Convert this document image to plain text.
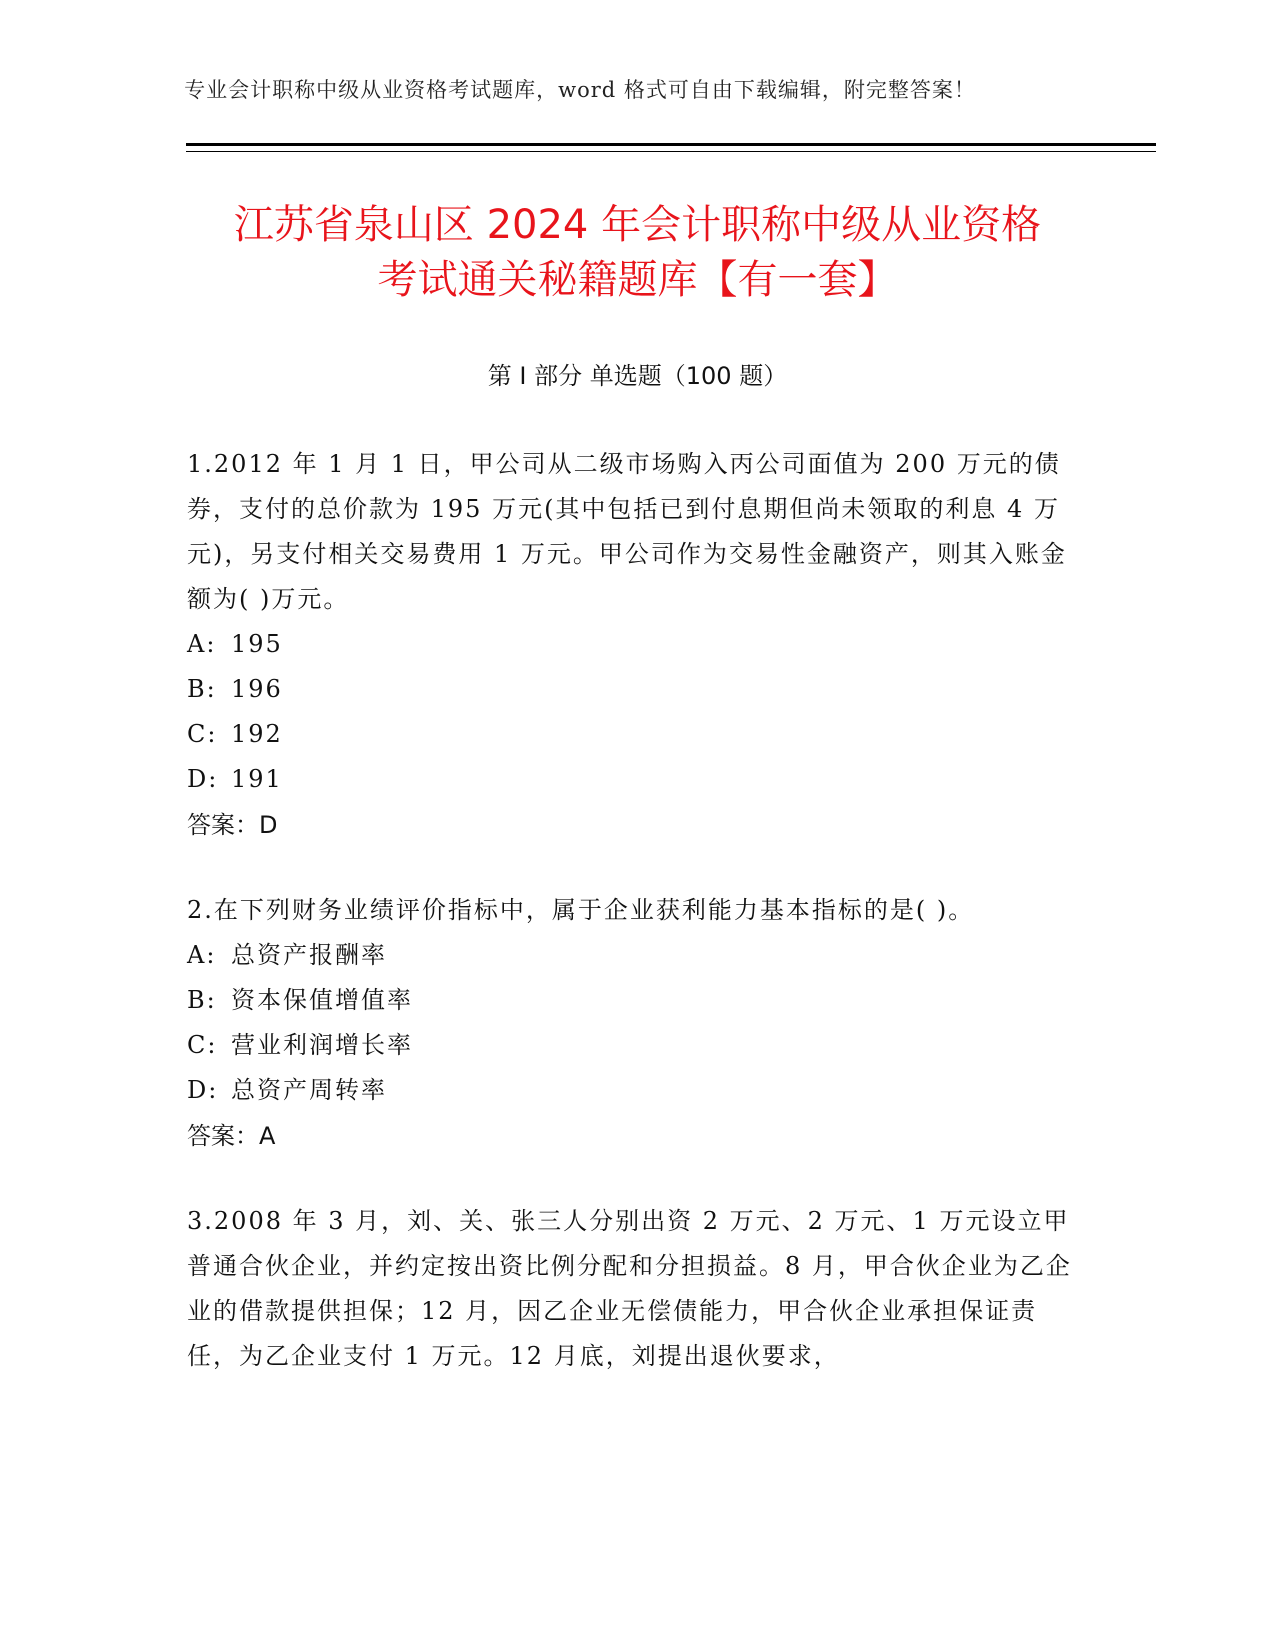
专业会计职称中级从业资格考试题库，word 格式可自由下载编辑，附完整答案！
江苏省泉山区 2024 年会计职称中级从业资格
考试通关秘籍题库【有一套】
第 I 部分 单选题（100 题）

1.2012 年 1 月 1 日，甲公司从二级市场购入丙公司面值为 200 万元的债券，支付的总价款为 195 万元(其中包括已到付息期但尚未领取的利息 4 万元)，另支付相关交易费用 1 万元。甲公司作为交易性金融资产，则其入账金额为( )万元。

A: 195

B: 196

C: 192

D: 191

答案：D

2.在下列财务业绩评价指标中，属于企业获利能力基本指标的是( )。

A: 总资产报酬率

B: 资本保值增值率

C: 营业利润增长率

D: 总资产周转率

答案：A

3.2008 年 3 月，刘、关、张三人分别出资 2 万元、2 万元、1 万元设立甲普通合伙企业，并约定按出资比例分配和分担损益。8 月，甲合伙企业为乙企业的借款提供担保；12 月，因乙企业无偿债能力，甲合伙企业承担保证责任，为乙企业支付 1 万元。12 月底，刘提出退伙要求，
